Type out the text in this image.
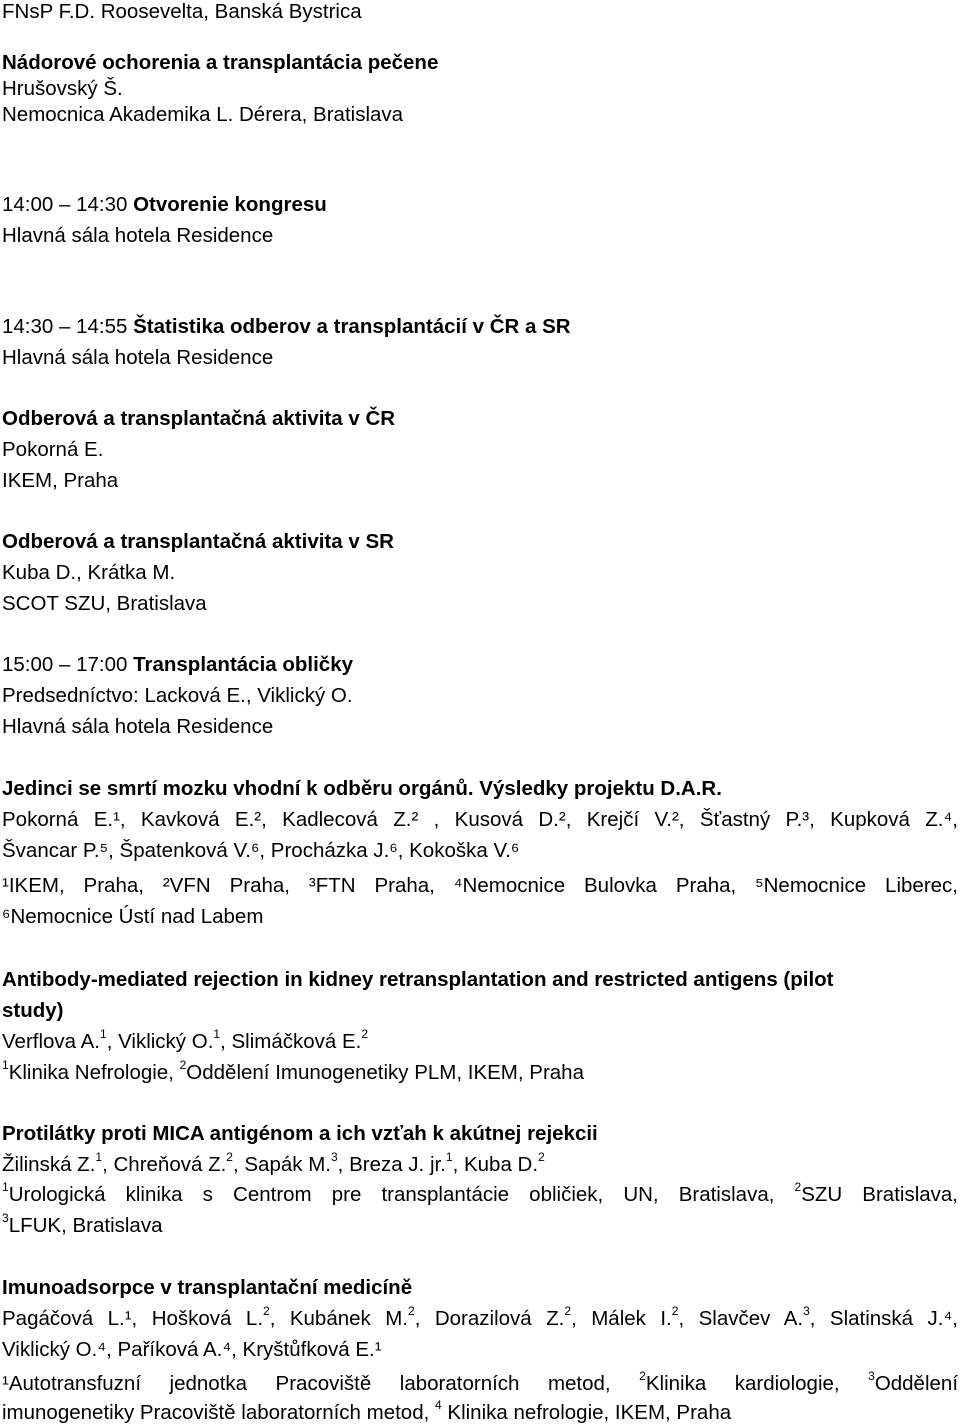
FNsP F.D. Roosevelta, Banská Bystrica
Nádorové ochorenia a transplantácia pečene
Hrušovský Š.
Nemocnica Akademika L. Dérera, Bratislava
14:00 – 14:30 Otvorenie kongresu
Hlavná sála hotela Residence
14:30 – 14:55 Štatistika odberov a transplantácií v ČR a SR
Hlavná sála hotela Residence
Odberová a transplantačná aktivita v ČR
Pokorná E.
IKEM, Praha
Odberová a transplantačná aktivita v SR
Kuba D., Krátka M.
SCOT SZU, Bratislava
15:00 – 17:00 Transplantácia obličky
Predsedníctvo: Lacková E., Viklický O.
Hlavná sála hotela Residence
Jedinci se smrtí mozku vhodní k odběru orgánů. Výsledky projektu D.A.R.
Pokorná E.¹, Kavková E.², Kadlecová Z.² , Kusová D.², Krejčí V.², Šťastný P.³, Kupková Z.⁴,
Švancar P.⁵, Špatenková V.⁶, Procházka J.⁶, Kokoška V.⁶
¹IKEM, Praha, ²VFN Praha, ³FTN Praha, ⁴Nemocnice Bulovka Praha, ⁵Nemocnice Liberec,
⁶Nemocnice Ústí nad Labem
Antibody-mediated rejection in kidney retransplantation and restricted antigens (pilot
study)
Verflova A.$^1$, Viklický O.$^1$, Slimáčková E.$^2$
$^1$Klinika Nefrologie, $^2$Oddělení Imunogenetiky PLM, IKEM, Praha
Protilátky proti MICA antigénom a ich vzťah k akútnej rejekcii
Žilinská Z.$^1$, Chreňová Z.$^2$, Sapák M.$^3$, Breza J. jr.$^1$, Kuba D.$^2$
$^1$Urologická klinika s Centrom pre transplantácie obličiek, UN, Bratislava, $^2$SZU Bratislava,
$^3$LFUK, Bratislava
Imunoadsorpce v transplantační medicíně
Pagáčová L.¹, Hošková L.$^2$, Kubánek M.$^2$, Dorazilová Z.$^2$, Málek I.$^2$, Slavčev A.$^3$, Slatinská J.⁴,
Viklický O.⁴, Paříková A.⁴, Kryštůfková E.¹
¹Autotransfuzní jednotka Pracoviště laboratorních metod, $^2$Klinika kardiologie, $^3$Oddělení
imunogenetiky Pracoviště laboratorních metod, $^4$ Klinika nefrologie, IKEM, Praha
